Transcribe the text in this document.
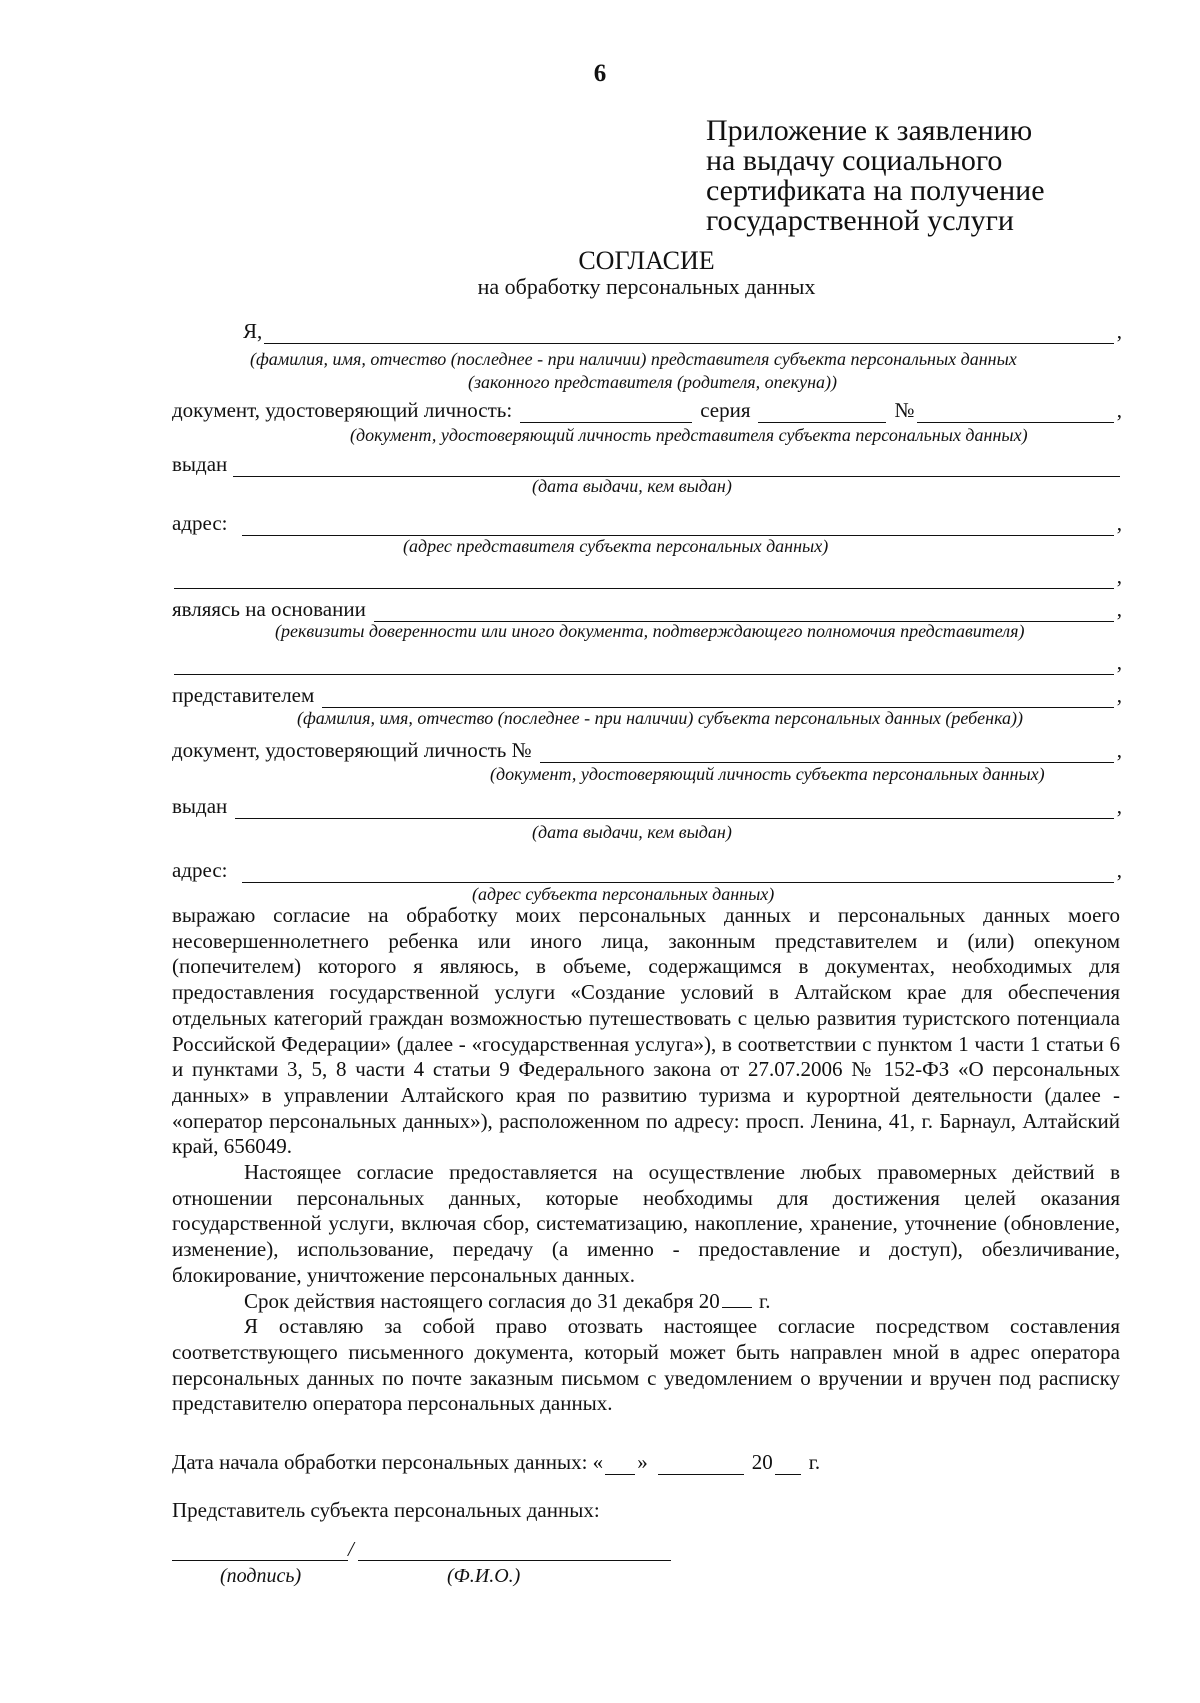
6
Приложение к заявлению
на выдачу социального
сертификата на получение
государственной услуги
СОГЛАСИЕ
на обработку персональных данных
Я,	,
(фамилия, имя, отчество (последнее - при наличии) представителя субъекта персональных данных
(законного представителя (родителя, опекуна))
документ, удостоверяющий личность:	серия	№	,
(документ, удостоверяющий личность представителя субъекта персональных данных)
выдан
(дата выдачи, кем выдан)
адрес:	,
(адрес представителя субъекта персональных данных)
,
являясь на основании	,
(реквизиты доверенности или иного документа, подтверждающего полномочия представителя)
,
представителем	,
(фамилия, имя, отчество (последнее - при наличии) субъекта персональных данных (ребенка))
документ, удостоверяющий личность №	,
(документ, удостоверяющий личность субъекта персональных данных)
выдан	,
(дата выдачи, кем выдан)
адрес:	,
(адрес субъекта персональных данных)

выражаю согласие на обработку моих персональных данных и персональных данных моего несовершеннолетнего ребенка или иного лица, законным представителем и (или) опекуном (попечителем) которого я являюсь, в объеме, содержащимся в документах, необходимых для предоставления государственной услуги «Создание условий в Алтайском крае для обеспечения отдельных категорий граждан возможностью путешествовать с целью развития туристского потенциала Российской Федерации» (далее - «государственная услуга»), в соответствии с пунктом 1 части 1 статьи 6 и пунктами 3, 5, 8 части 4 статьи 9 Федерального закона от 27.07.2006 № 152-ФЗ «О персональных данных» в управлении Алтайского края по развитию туризма и курортной деятельности (далее - «оператор персональных данных»), расположенном по адресу: просп. Ленина, 41, г. Барнаул, Алтайский край, 656049.

Настоящее согласие предоставляется на осуществление любых правомерных действий в отношении персональных данных, которые необходимы для достижения целей оказания государственной услуги, включая сбор, систематизацию, накопление, хранение, уточнение (обновление, изменение), использование, передачу (а именно - предоставление и доступ), обезличивание, блокирование, уничтожение персональных данных.

Срок действия настоящего согласия до 31 декабря 20 г.

Я оставляю за собой право отозвать настоящее согласие посредством составления соответствующего письменного документа, который может быть направлен мной в адрес оператора персональных данных по почте заказным письмом с уведомлением о вручении и вручен под расписку представителю оператора персональных данных.

Дата начала обработки персональных данных: « »	20 г.
Представитель субъекта персональных данных:
/
(подпись)	(Ф.И.О.)
